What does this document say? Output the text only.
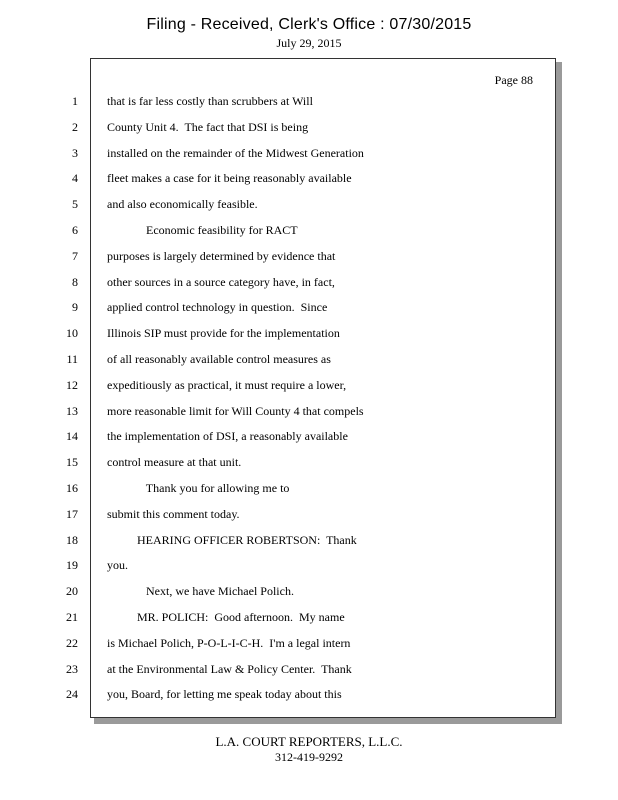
Filing - Received, Clerk's Office : 07/30/2015
July 29, 2015
Page 88
1 that is far less costly than scrubbers at Will
2 County Unit 4.  The fact that DSI is being
3 installed on the remainder of the Midwest Generation
4 fleet makes a case for it being reasonably available
5 and also economically feasible.
6 Economic feasibility for RACT
7 purposes is largely determined by evidence that
8 other sources in a source category have, in fact,
9 applied control technology in question.  Since
10 Illinois SIP must provide for the implementation
11 of all reasonably available control measures as
12 expeditiously as practical, it must require a lower,
13 more reasonable limit for Will County 4 that compels
14 the implementation of DSI, a reasonably available
15 control measure at that unit.
16 Thank you for allowing me to
17 submit this comment today.
18 HEARING OFFICER ROBERTSON:  Thank
19 you.
20 Next, we have Michael Polich.
21 MR. POLICH:  Good afternoon.  My name
22 is Michael Polich, P-O-L-I-C-H.  I'm a legal intern
23 at the Environmental Law & Policy Center.  Thank
24 you, Board, for letting me speak today about this
L.A. COURT REPORTERS, L.L.C.
312-419-9292
